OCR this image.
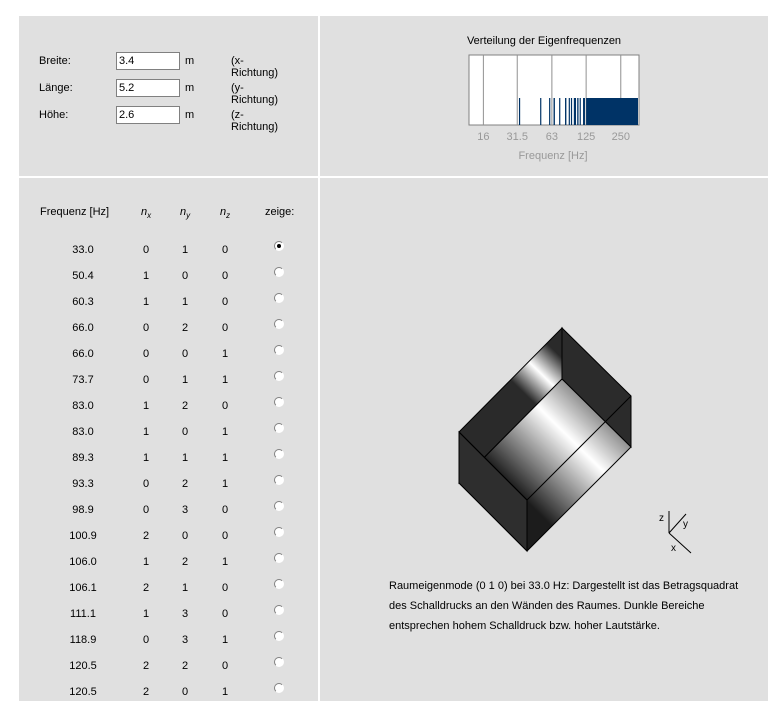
Breite:
3.4	m	(x-Richtung)
Länge:
5.2	m	(y-Richtung)
Höhe:
2.6	m	(z-Richtung)
Verteilung der Eigenfrequenzen
16 31.5 63 125 250
Frequenz [Hz]
Frequenz [Hz]	$n_x$	$n_y$	$n_z$	zeige:
33.0	0	1	0
50.4	1	0	0
60.3	1	1	0
66.0	0	2	0
66.0	0	0	1
73.7	0	1	1
83.0	1	2	0
83.0	1	0	1
89.3	1	1	1
93.3	0	2	1
98.9	0	3	0
100.9	2	0	0
106.0	1	2	1
106.1	2	1	0
111.1	1	3	0
118.9	0	3	1
120.5	2	2	0
120.5	2	0	1
z
y
x
Raumeigenmode (0 1 0) bei 33.0 Hz: Dargestellt ist das Betragsquadrat des Schalldrucks an den Wänden des Raumes. Dunkle Bereiche entsprechen hohem Schalldruck bzw. hoher Lautstärke.
